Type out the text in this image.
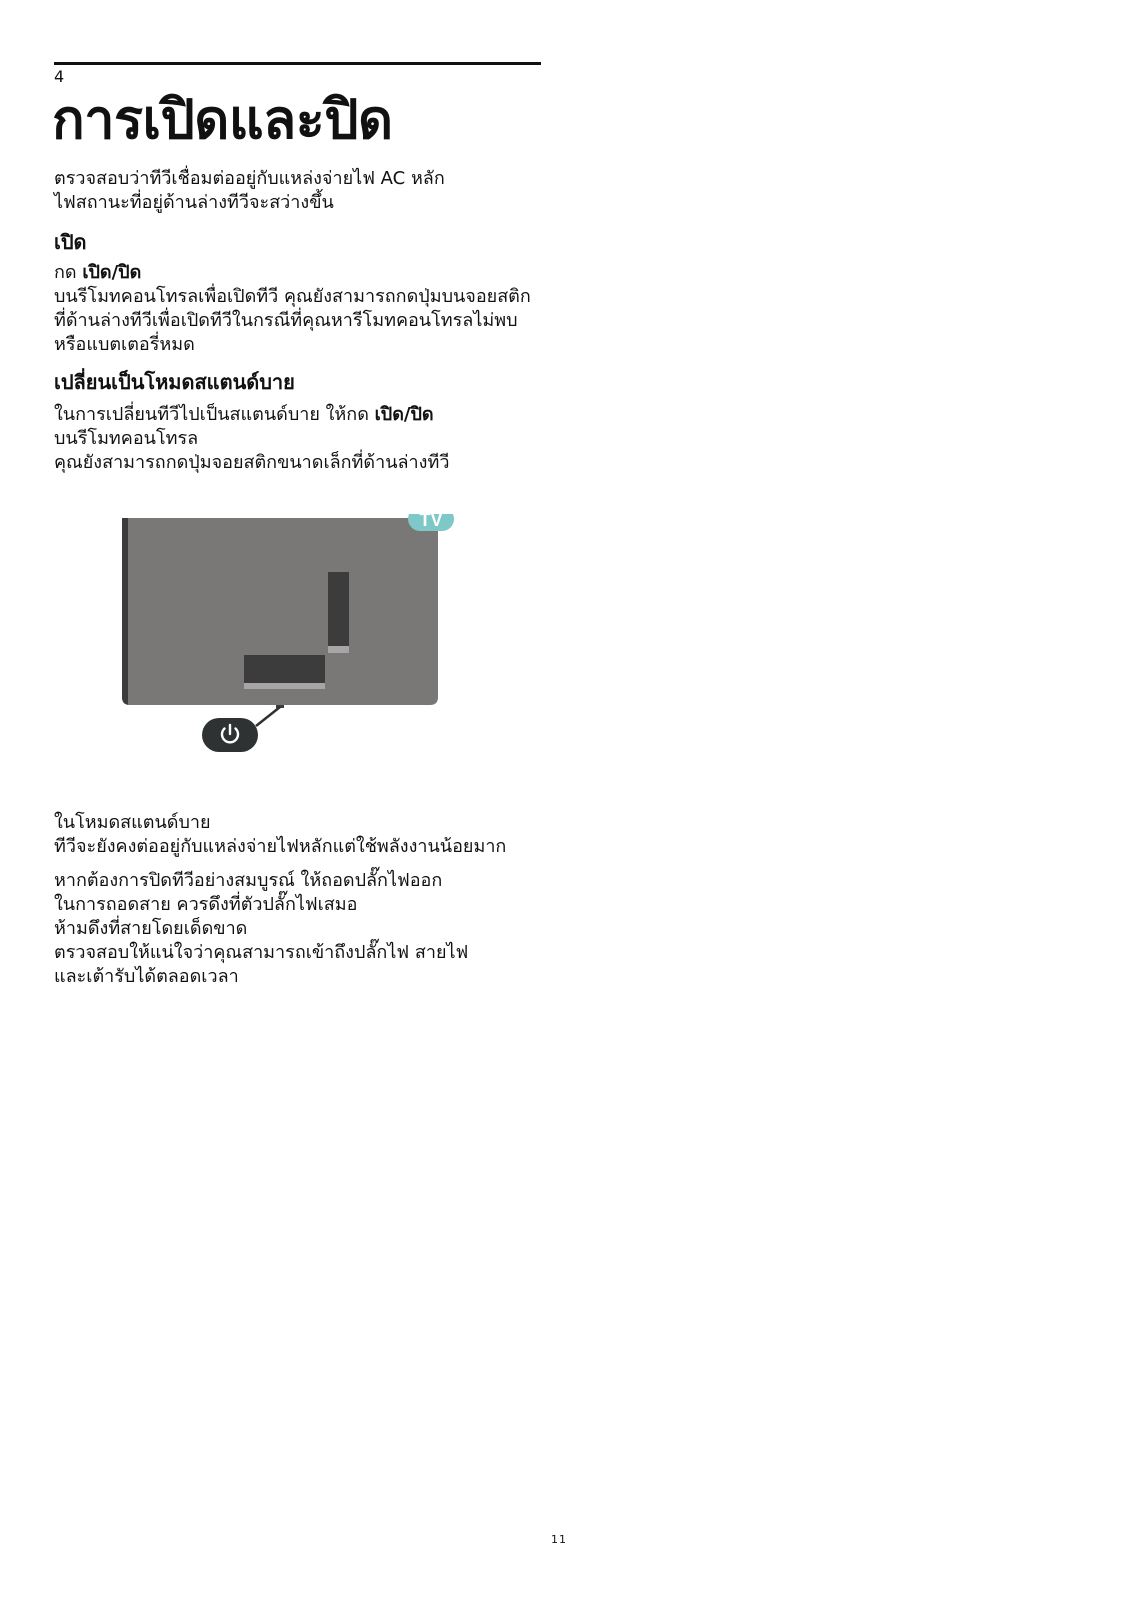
4
การเปิดและปิด

ตรวจสอบว่าทีวีเชื่อมต่ออยู่กับแหล่งจ่ายไฟ AC หลัก
ไฟสถานะที่อยู่ด้านล่างทีวีจะสว่างขึ้น

เปิด

กด เปิด/ปิด
บนรีโมทคอนโทรลเพื่อเปิดทีวี คุณยังสามารถกดปุ่มบนจอยสติก
ที่ด้านล่างทีวีเพื่อเปิดทีวีในกรณีที่คุณหารีโมทคอนโทรลไม่พบ
หรือแบตเตอรี่หมด

เปลี่ยนเป็นโหมดสแตนด์บาย

ในการเปลี่ยนทีวีไปเป็นสแตนด์บาย ให้กด เปิด/ปิด
บนรีโมทคอนโทรล
คุณยังสามารถกดปุ่มจอยสติกขนาดเล็กที่ด้านล่างทีวี

TV

ในโหมดสแตนด์บาย
ทีวีจะยังคงต่ออยู่กับแหล่งจ่ายไฟหลักแต่ใช้พลังงานน้อยมาก

หากต้องการปิดทีวีอย่างสมบูรณ์ ให้ถอดปลั๊กไฟออก
ในการถอดสาย ควรดึงที่ตัวปลั๊กไฟเสมอ
ห้ามดึงที่สายโดยเด็ดขาด
ตรวจสอบให้แน่ใจว่าคุณสามารถเข้าถึงปลั๊กไฟ สายไฟ
และเต้ารับได้ตลอดเวลา

11
